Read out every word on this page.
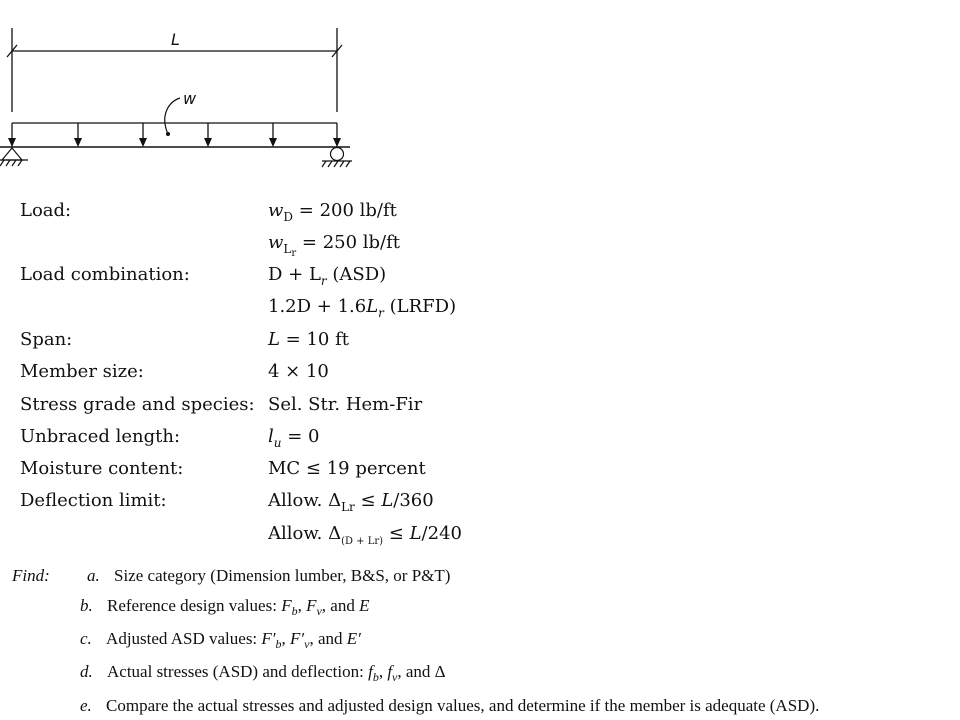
L
w
Load:	$w_D = 200$ lb/ft
$w_{L_r} = 250$ lb/ft
Load combination:	$D + L_r$ (ASD)
$1.2D + 1.6L_r$ (LRFD)
Span:	L = 10 ft
Member size:	4 × 10
Stress grade and species: Sel. Str. Hem-Fir
Unbraced length:	$l_u = 0$
Moisture content:	MC ≤ 19 percent
Deflection limit:	Allow. $\Delta_{Lr} \le L/360$
Allow. $\Delta_{(D + Lr)} \le L/240$
Find: a. Size category (Dimension lumber, B&S, or P&T)
b. Reference design values: $F_b$, $F_v$, and E
c. Adjusted ASD values: $F'_b$, $F'_v$, and E′
d. Actual stresses (ASD) and deflection: $f_b$, $f_v$, and Δ
e. Compare the actual stresses and adjusted design values, and determine if the member is adequate (ASD).
